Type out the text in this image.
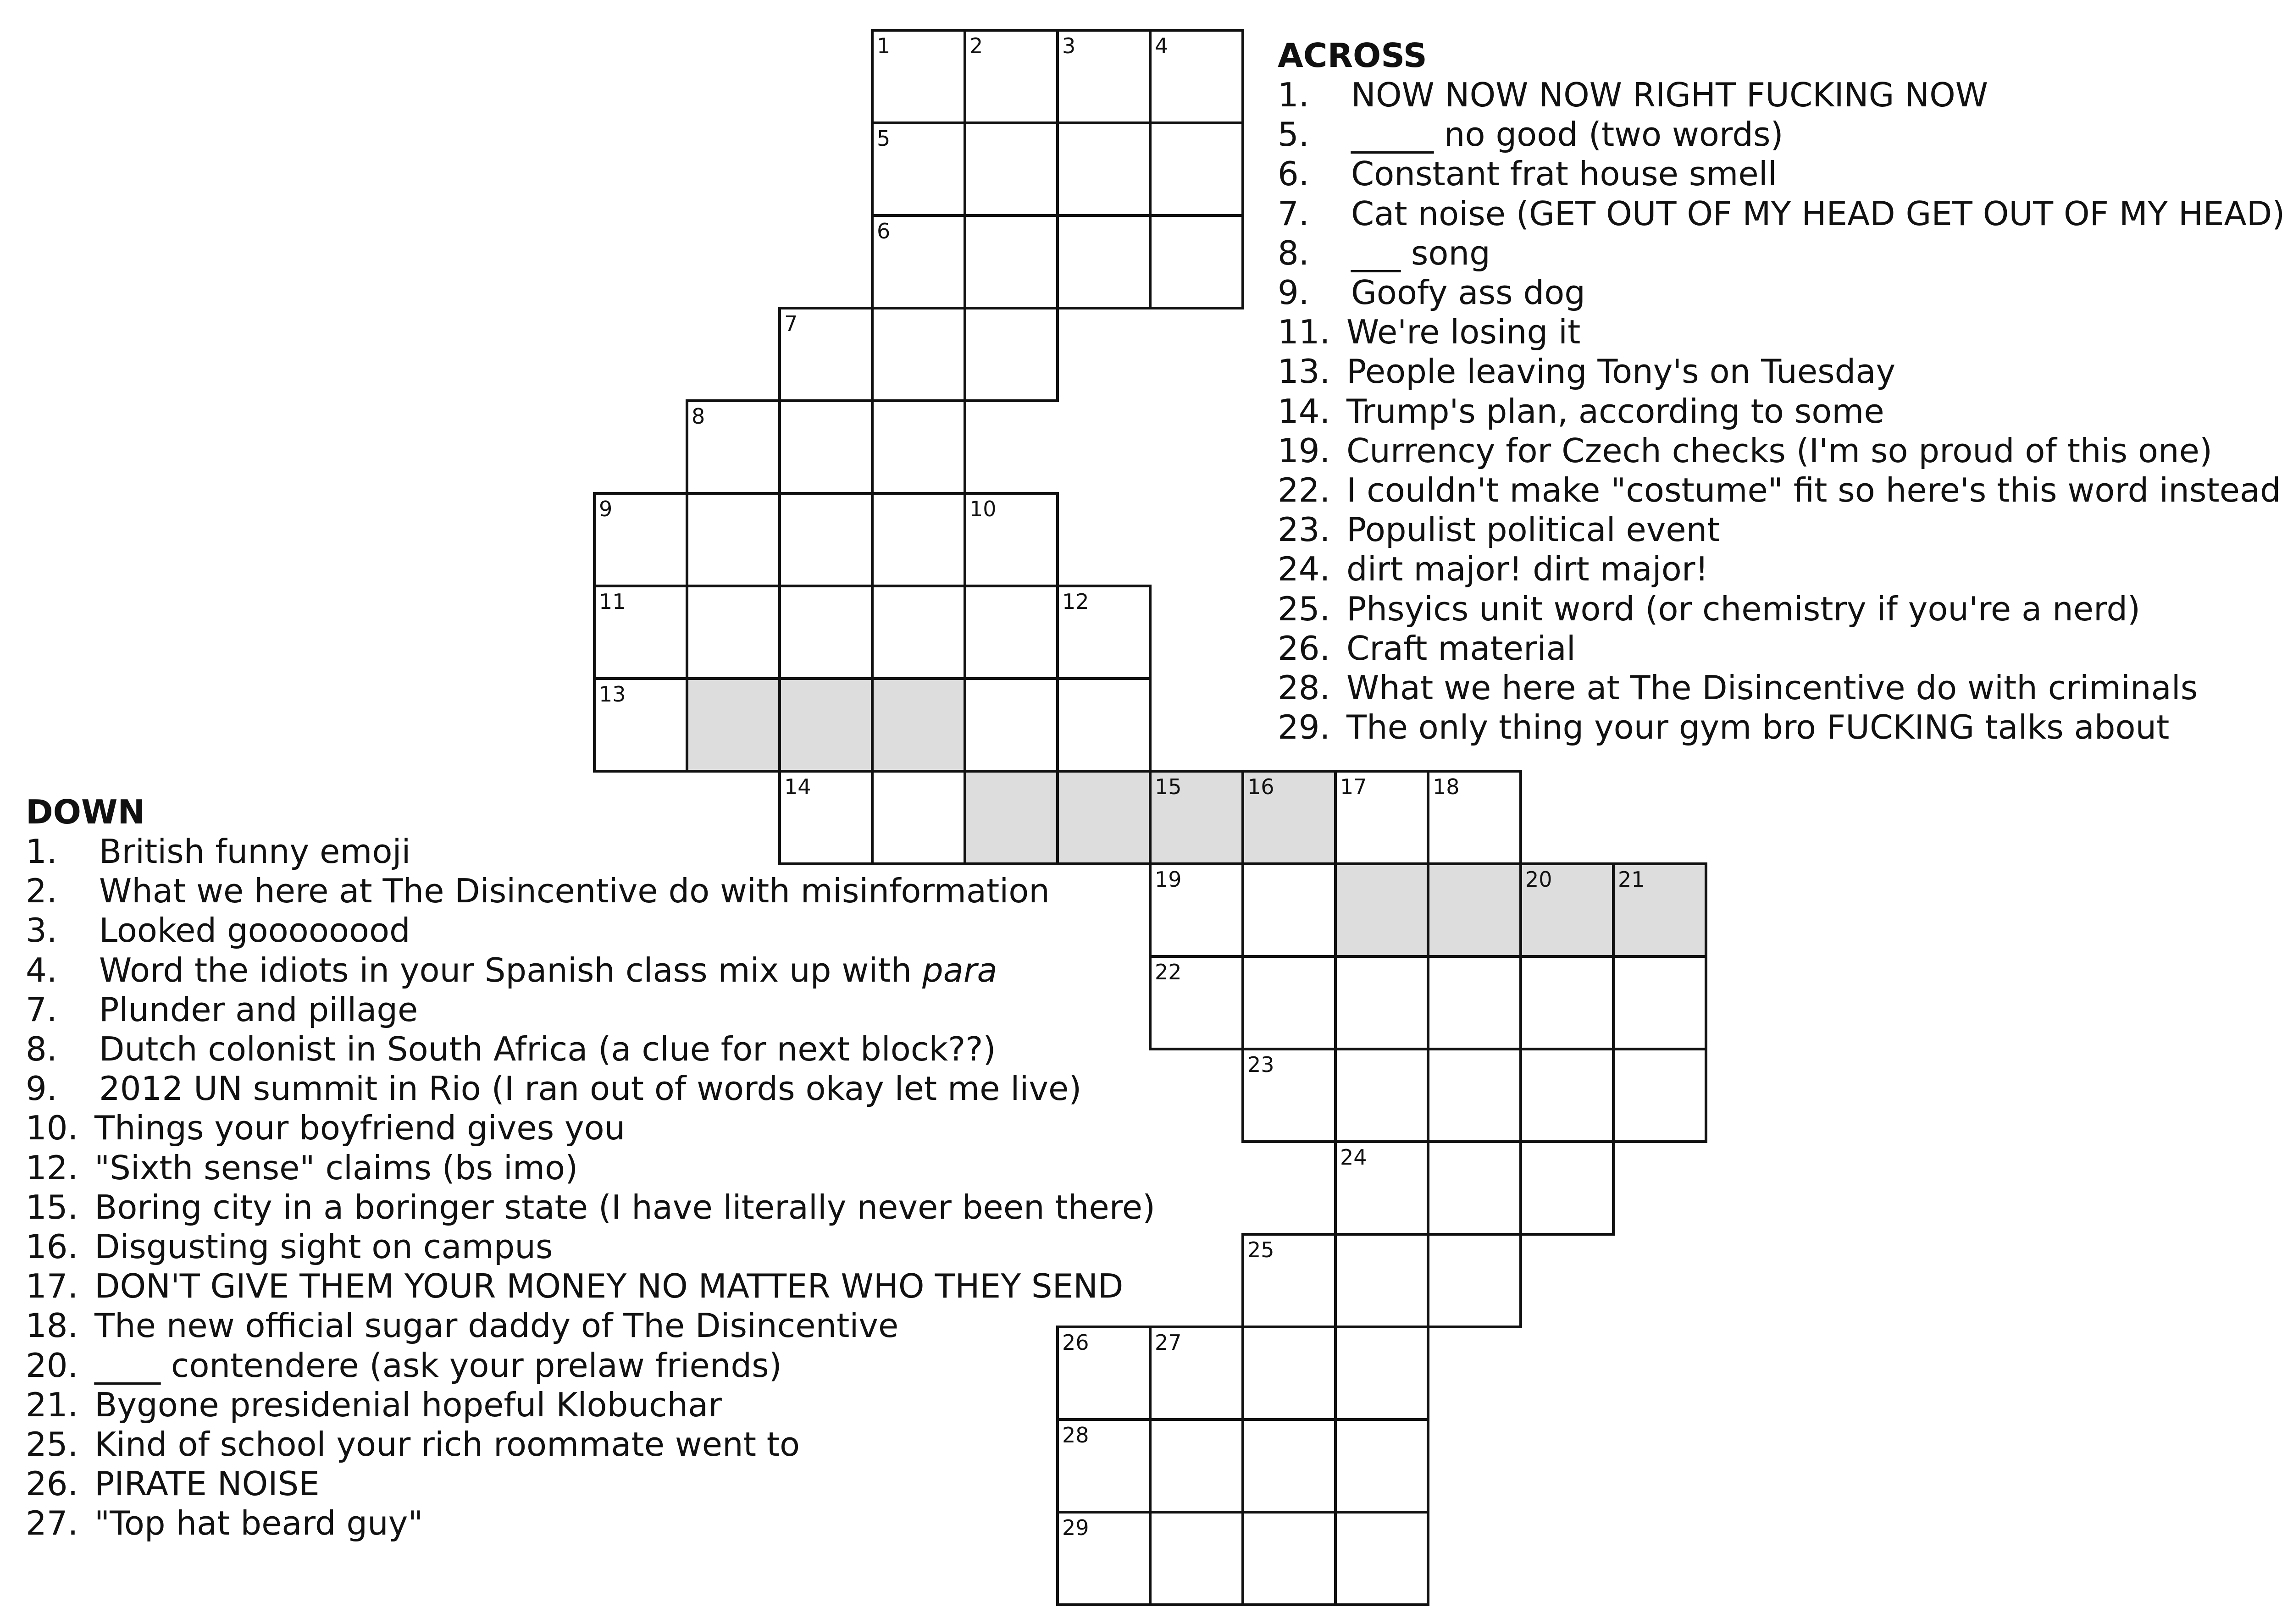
1	2	3	4
5
6
7
8
9	10
11	12
13
14	15	16	17	18
19	20	21
22
23
24
25
26	27
28
29
ACROSS
1. NOW NOW NOW RIGHT FUCKING NOW
5. _____ no good (two words)
6. Constant frat house smell
7. Cat noise (GET OUT OF MY HEAD GET OUT OF MY HEAD)
8. ___ song
9. Goofy ass dog
11. We're losing it
13. People leaving Tony's on Tuesday
14. Trump's plan, according to some
19. Currency for Czech checks (I'm so proud of this one)
22. I couldn't make "costume" fit so here's this word instead
23. Populist political event
24. dirt major! dirt major!
25. Phsyics unit word (or chemistry if you're a nerd)
26. Craft material
28. What we here at The Disincentive do with criminals
29. The only thing your gym bro FUCKING talks about
DOWN
1. British funny emoji
2. What we here at The Disincentive do with misinformation
3. Looked goooooood
4. Word the idiots in your Spanish class mix up with para
7. Plunder and pillage
8. Dutch colonist in South Africa (a clue for next block??)
9. 2012 UN summit in Rio (I ran out of words okay let me live)
10. Things your boyfriend gives you
12. "Sixth sense" claims (bs imo)
15. Boring city in a boringer state (I have literally never been there)
16. Disgusting sight on campus
17. DON'T GIVE THEM YOUR MONEY NO MATTER WHO THEY SEND
18. The new official sugar daddy of The Disincentive
20. ____ contendere (ask your prelaw friends)
21. Bygone presidenial hopeful Klobuchar
25. Kind of school your rich roommate went to
26. PIRATE NOISE
27. "Top hat beard guy"
